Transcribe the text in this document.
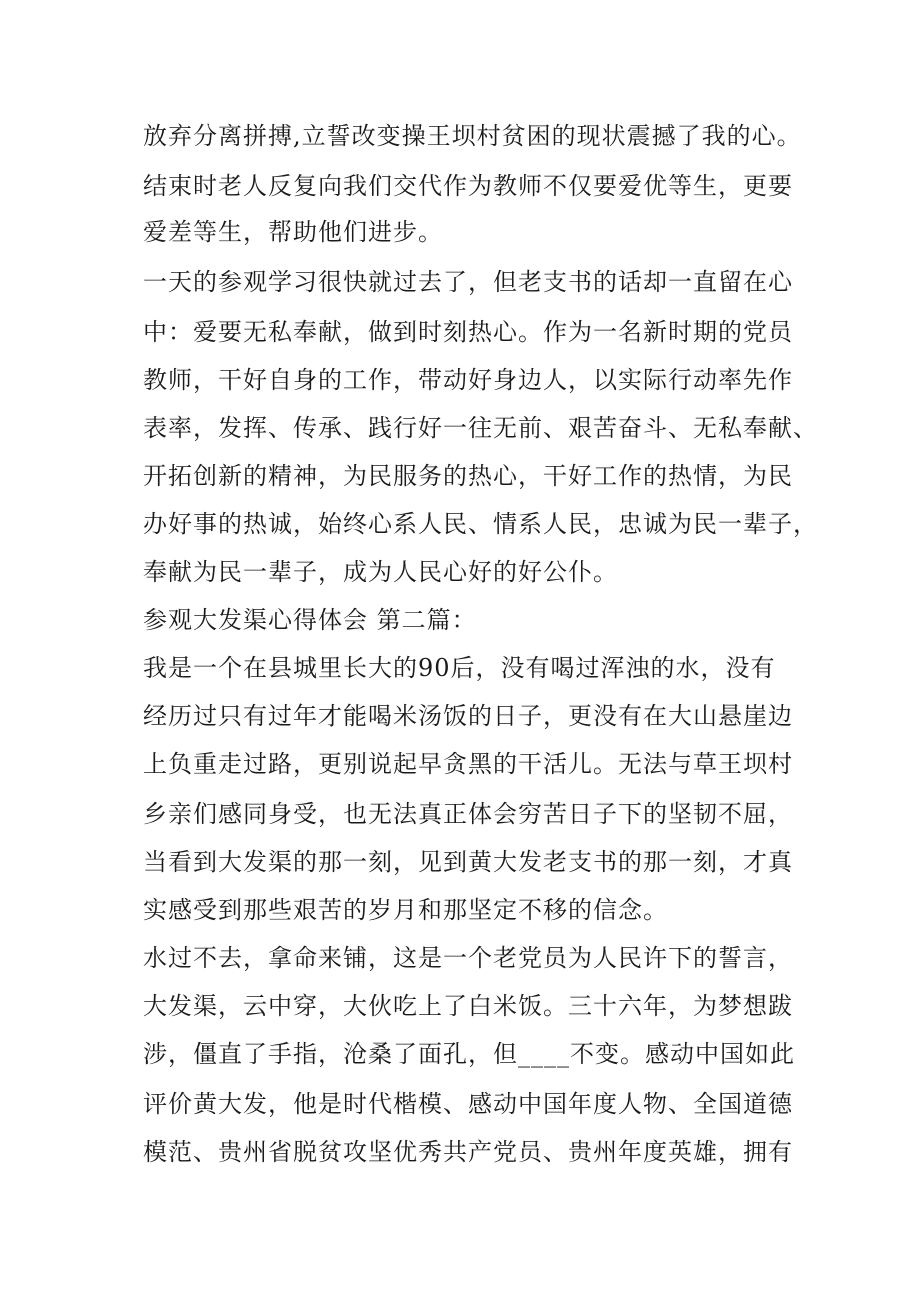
放弃分离拼搏,立誓改变操王坝村贫困的现状震撼了我的心。
结束时老人反复向我们交代作为教师不仅要爱优等生，更要
爱差等生，帮助他们进步。
一天的参观学习很快就过去了，但老支书的话却一直留在心
中：爱要无私奉献，做到时刻热心。作为一名新时期的党员
教师，干好自身的工作，带动好身边人，以实际行动率先作
表率，发挥、传承、践行好一往无前、艰苦奋斗、无私奉献、
开拓创新的精神，为民服务的热心，干好工作的热情，为民
办好事的热诚，始终心系人民、情系人民，忠诚为民一辈子，
奉献为民一辈子，成为人民心好的好公仆。
参观大发渠心得体会 第二篇：
我是一个在县城里长大的90后，没有喝过浑浊的水，没有
经历过只有过年才能喝米汤饭的日子，更没有在大山悬崖边
上负重走过路，更别说起早贪黑的干活儿。无法与草王坝村
乡亲们感同身受，也无法真正体会穷苦日子下的坚韧不屈，
当看到大发渠的那一刻，见到黄大发老支书的那一刻，才真
实感受到那些艰苦的岁月和那坚定不移的信念。
水过不去，拿命来铺，这是一个老党员为人民许下的誓言，
大发渠，云中穿，大伙吃上了白米饭。三十六年，为梦想跋
涉，僵直了手指，沧桑了面孔，但____不变。感动中国如此
评价黄大发，他是时代楷模、感动中国年度人物、全国道德
模范、贵州省脱贫攻坚优秀共产党员、贵州年度英雄，拥有
